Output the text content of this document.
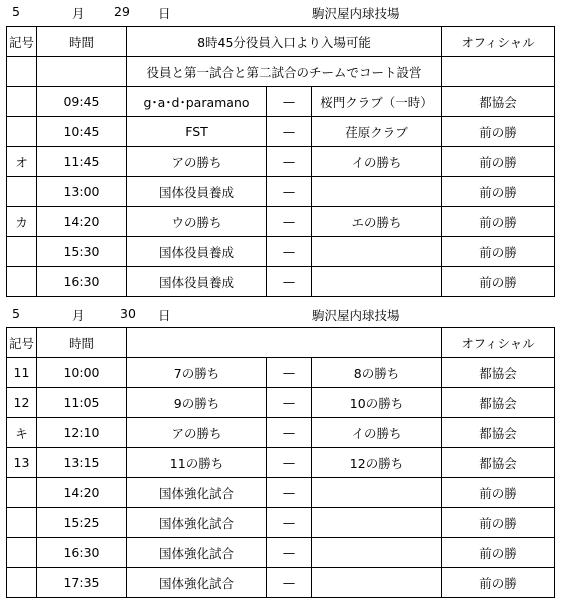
5	月 29 日	駒沢屋内球技場
記号	時間	8時45分役員入口より入場可能			オフィシャル
		役員と第一試合と第二試合のチームでコート設営			
	09:45	g･a･d･paramano	—	桜門クラブ（一時）	都協会
	10:45	FST	—	荏原クラブ	前の勝
オ	11:45	アの勝ち	—	イの勝ち	前の勝
	13:00	国体役員養成	—		前の勝
カ	14:20	ウの勝ち	—	エの勝ち	前の勝
	15:30	国体役員養成	—		前の勝
	16:30	国体役員養成	—		前の勝
5	月	30 日	駒沢屋内球技場
記号	時間				オフィシャル
11	10:00	7の勝ち	—	8の勝ち	都協会
12	11:05	9の勝ち	—	10の勝ち	都協会
キ	12:10	アの勝ち	—	イの勝ち	都協会
13	13:15	11の勝ち	—	12の勝ち	都協会
	14:20	国体強化試合	—		前の勝
	15:25	国体強化試合	—		前の勝
	16:30	国体強化試合	—		前の勝
	17:35	国体強化試合	—		前の勝
